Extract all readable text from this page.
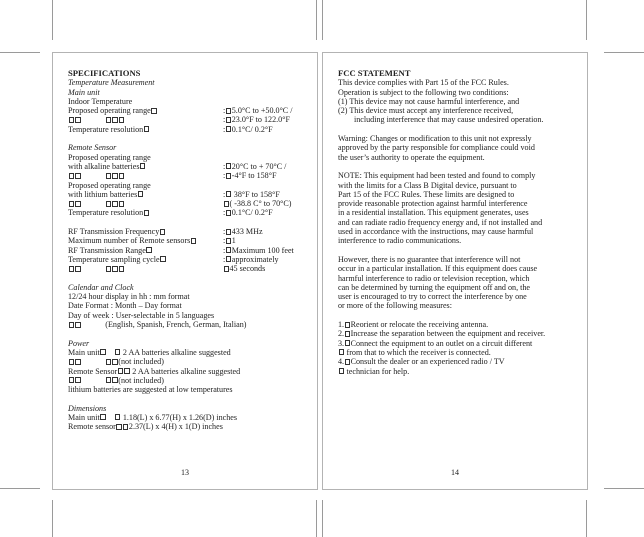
SPECIFICATIONS
Temperature Measurement
Main unit
Indoor Temperature
Proposed operating range	: 5.0°C to +50.0°C /

: 23.0°F to 122.0°F
Temperature resolution	: 0.1°C/ 0.2°F
Remote Sensor
Proposed operating range
with alkaline batteries	: 20°C to + 70°C /

: -4°F to 158°F
Proposed operating range
with lithium batteries	: 38°F to 158°F

( -38.8 C° to 70°C)
Temperature resolution	: 0.1°C/ 0.2°F
RF Transmission Frequency	: 433 MHz
Maximum number of Remote sensors	: 1
RF Transmission Range	: Maximum 100 feet
Temperature sampling cycle	: approximately

45 seconds
Calendar and Clock
12/24 hour display in hh : mm format
Date Format : Month – Day format
Day of week : User-selectable in 5 languages
(English, Spanish, French, German, Italian)
Power
Main unit	2 AA batteries alkaline suggested
(not included)
Remote Sensor 2 AA batteries alkaline suggested
(not included)
lithium batteries are suggested at low temperatures
Dimensions
Main unit	1.18(L) x 6.77(H) x 1.26(D) inches
Remote sensor 2.37(L) x 4(H) x 1(D) inches
13
FCC STATEMENT
This device complies with Part 15 of the FCC Rules.
Operation is subject to the following two conditions:
(1) This device may not cause harmful interference, and
(2) This device must accept any interference received,
including interference that may cause undesired operation.
Warning: Changes or modification to this unit not expressly
approved by the party responsible for compliance could void
the user’s authority to operate the equipment.
NOTE: This equipment had been tested and found to comply
with the limits for a Class B Digital device, pursuant to
Part 15 of the FCC Rules. These limits are designed to
provide reasonable protection against harmful interference
in a residential installation. This equipment generates, uses
and can radiate radio frequency energy and, if not installed and
used in accordance with the instructions, may cause harmful
interference to radio communications.
However, there is no guarantee that interference will not
occur in a particular installation. If this equipment does cause
harmful interference to radio or television reception, which
can be determined by turning the equipment off and on, the
user is encouraged to try to correct the interference by one
or more of the following measures:
1. Reorient or relocate the receiving antenna.
2. Increase the separation between the equipment and receiver.
3. Connect the equipment to an outlet on a circuit different
from that to which the receiver is connected.
4. Consult the dealer or an experienced radio / TV
technician for help.
14
